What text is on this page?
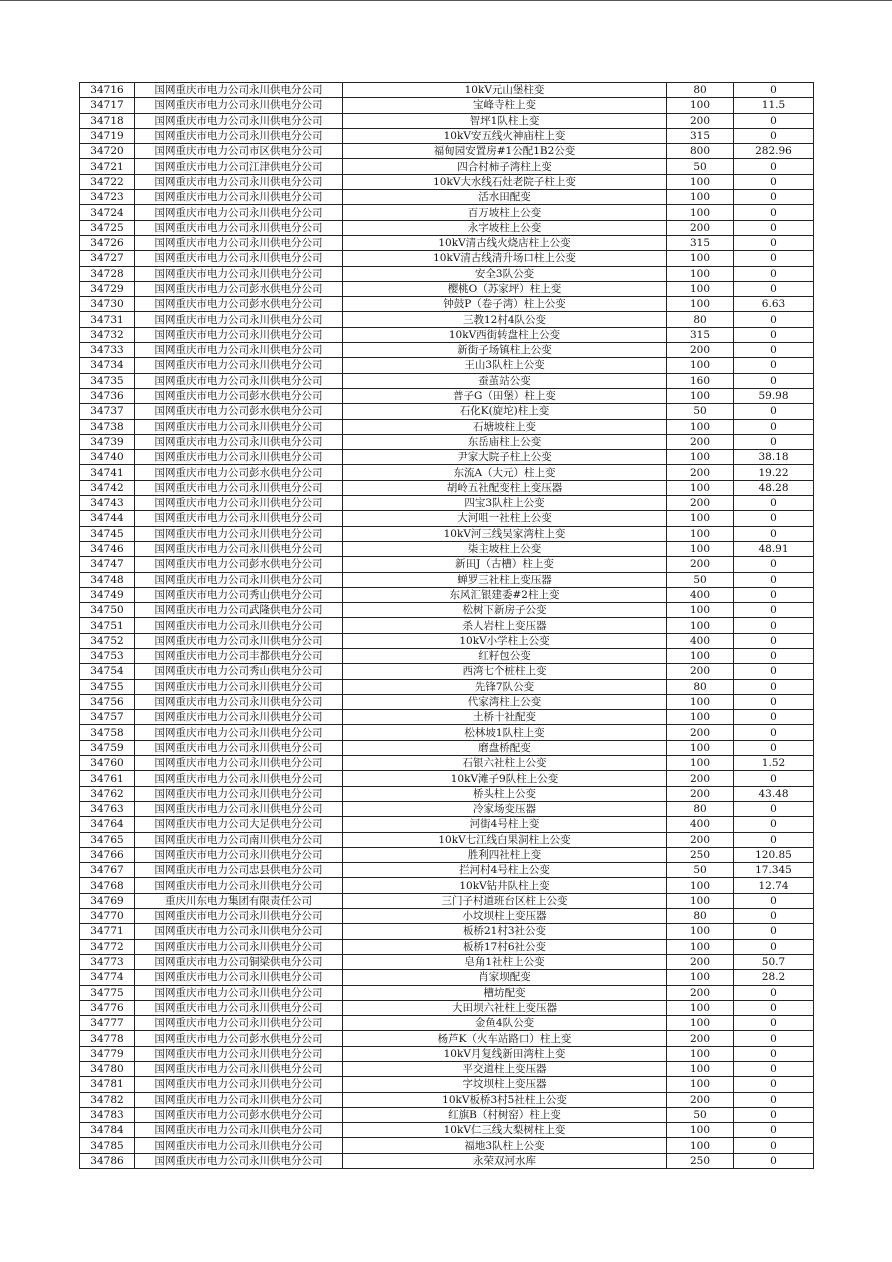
34716	国网重庆市电力公司永川供电分公司	10kV元山堡柱变	80	0
34717	国网重庆市电力公司永川供电分公司	宝峰寺柱上变	100	11.5
34718	国网重庆市电力公司永川供电分公司	智坪1队柱上变	200	0
34719	国网重庆市电力公司永川供电分公司	10kV安五线火神庙柱上变	315	0
34720	国网重庆市电力公司市区供电分公司	福甸园安置房#1公配1B2公变	800	282.96
34721	国网重庆市电力公司江津供电分公司	四合村柿子湾柱上变	50	0
34722	国网重庆市电力公司永川供电分公司	10kV大水线石灶老院子柱上变	100	0
34723	国网重庆市电力公司永川供电分公司	活水田配变	100	0
34724	国网重庆市电力公司永川供电分公司	百万坡柱上公变	100	0
34725	国网重庆市电力公司永川供电分公司	永字坡柱上公变	200	0
34726	国网重庆市电力公司永川供电分公司	10kV清古线火烧店柱上公变	315	0
34727	国网重庆市电力公司永川供电分公司	10kV清古线清升场口柱上公变	100	0
34728	国网重庆市电力公司永川供电分公司	安全3队公变	100	0
34729	国网重庆市电力公司彭水供电分公司	樱桃O（苏家坪）柱上变	100	0
34730	国网重庆市电力公司彭水供电分公司	钟鼓P（卷子湾）柱上公变	100	6.63
34731	国网重庆市电力公司永川供电分公司	三教12村4队公变	80	0
34732	国网重庆市电力公司永川供电分公司	10kV西街转盘柱上公变	315	0
34733	国网重庆市电力公司永川供电分公司	新街子场镇柱上公变	200	0
34734	国网重庆市电力公司永川供电分公司	王山3队柱上公变	100	0
34735	国网重庆市电力公司永川供电分公司	蚕茧站公变	160	0
34736	国网重庆市电力公司彭水供电分公司	普子G（田堡）柱上变	100	59.98
34737	国网重庆市电力公司彭水供电分公司	石化K(旋坨)柱上变	50	0
34738	国网重庆市电力公司永川供电分公司	石塘坡柱上变	100	0
34739	国网重庆市电力公司永川供电分公司	东岳庙柱上公变	200	0
34740	国网重庆市电力公司永川供电分公司	尹家大院子柱上公变	100	38.18
34741	国网重庆市电力公司彭水供电分公司	东流A（大元）柱上变	200	19.22
34742	国网重庆市电力公司永川供电分公司	胡岭五社配变柱上变压器	100	48.28
34743	国网重庆市电力公司永川供电分公司	四宝3队柱上公变	200	0
34744	国网重庆市电力公司永川供电分公司	大河咀一社柱上公变	100	0
34745	国网重庆市电力公司永川供电分公司	10kV河三线吴家湾柱上变	100	0
34746	国网重庆市电力公司永川供电分公司	柒主坡柱上公变	100	48.91
34747	国网重庆市电力公司彭水供电分公司	新田J（古槽）柱上变	200	0
34748	国网重庆市电力公司永川供电分公司	蝉罗三社柱上变压器	50	0
34749	国网重庆市电力公司秀山供电分公司	东风汇银建委#2柱上变	400	0
34750	国网重庆市电力公司武隆供电分公司	松树下新房子公变	100	0
34751	国网重庆市电力公司永川供电分公司	杀人岩柱上变压器	100	0
34752	国网重庆市电力公司永川供电分公司	10kV小学柱上公变	400	0
34753	国网重庆市电力公司丰都供电分公司	红籽包公变	100	0
34754	国网重庆市电力公司秀山供电分公司	西湾七个桩柱上变	200	0
34755	国网重庆市电力公司永川供电分公司	先锋7队公变	80	0
34756	国网重庆市电力公司永川供电分公司	代家湾柱上公变	100	0
34757	国网重庆市电力公司永川供电分公司	土桥十社配变	100	0
34758	国网重庆市电力公司永川供电分公司	松林坡1队柱上变	200	0
34759	国网重庆市电力公司永川供电分公司	磨盘桥配变	100	0
34760	国网重庆市电力公司永川供电分公司	石银六社柱上公变	100	1.52
34761	国网重庆市电力公司永川供电分公司	10kV滩子9队柱上公变	200	0
34762	国网重庆市电力公司永川供电分公司	桥头柱上公变	200	43.48
34763	国网重庆市电力公司永川供电分公司	冷家场变压器	80	0
34764	国网重庆市电力公司大足供电分公司	河街4号柱上变	400	0
34765	国网重庆市电力公司南川供电分公司	10kV七江线白果洞柱上公变	200	0
34766	国网重庆市电力公司永川供电分公司	胜利四社柱上变	250	120.85
34767	国网重庆市电力公司忠县供电分公司	拦河村4号柱上公变	50	17.345
34768	国网重庆市电力公司永川供电分公司	10kV钻井队柱上变	100	12.74
34769	重庆川东电力集团有限责任公司	三门子村道班台区柱上公变	100	0
34770	国网重庆市电力公司永川供电分公司	小坟坝柱上变压器	80	0
34771	国网重庆市电力公司永川供电分公司	板桥21村3社公变	100	0
34772	国网重庆市电力公司永川供电分公司	板桥17村6社公变	100	0
34773	国网重庆市电力公司铜梁供电分公司	皂角1社柱上公变	200	50.7
34774	国网重庆市电力公司永川供电分公司	肖家坝配变	100	28.2
34775	国网重庆市电力公司永川供电分公司	槽坊配变	200	0
34776	国网重庆市电力公司永川供电分公司	大田坝六社柱上变压器	100	0
34777	国网重庆市电力公司永川供电分公司	金鱼4队公变	100	0
34778	国网重庆市电力公司彭水供电分公司	杨芦K（火车站路口）柱上变	200	0
34779	国网重庆市电力公司永川供电分公司	10kV月复线新田湾柱上变	100	0
34780	国网重庆市电力公司永川供电分公司	平交道柱上变压器	100	0
34781	国网重庆市电力公司永川供电分公司	字坟坝柱上变压器	100	0
34782	国网重庆市电力公司永川供电分公司	10kV板桥3村5社柱上公变	200	0
34783	国网重庆市电力公司彭水供电分公司	红旗B（村树窑）柱上变	50	0
34784	国网重庆市电力公司永川供电分公司	10kV仁三线大梨树柱上变	100	0
34785	国网重庆市电力公司永川供电分公司	福地3队柱上公变	100	0
34786	国网重庆市电力公司永川供电分公司	永荣双河水库	250	0
